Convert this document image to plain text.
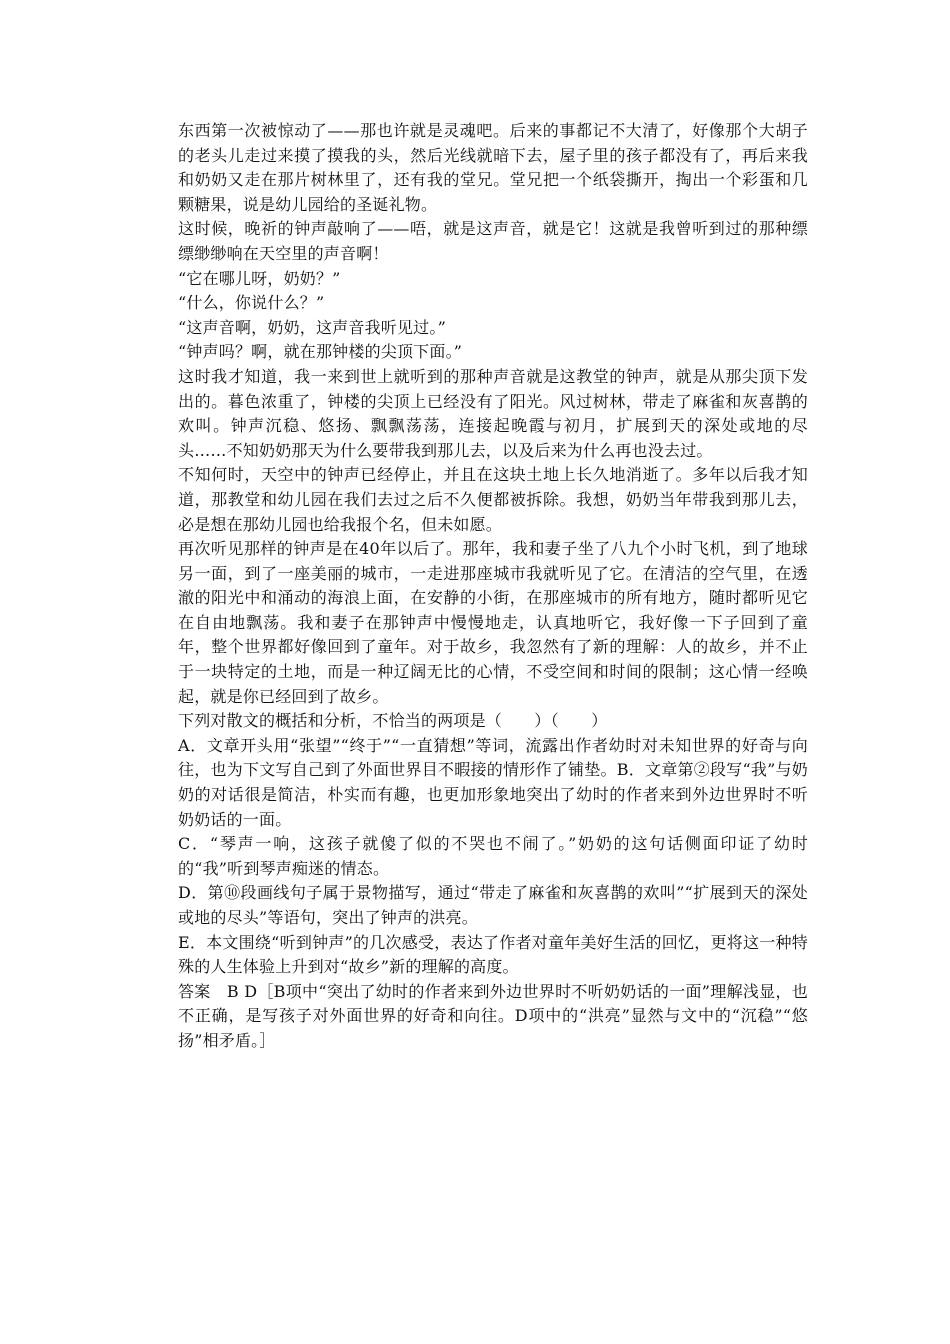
东西第一次被惊动了——那也许就是灵魂吧。后来的事都记不大清了，好像那个大胡子的老头儿走过来摸了摸我的头，然后光线就暗下去，屋子里的孩子都没有了，再后来我和奶奶又走在那片树林里了，还有我的堂兄。堂兄把一个纸袋撕开，掏出一个彩蛋和几颗糖果，说是幼儿园给的圣诞礼物。

这时候，晚祈的钟声敲响了——唔，就是这声音，就是它！这就是我曾听到过的那种缥缥缈缈响在天空里的声音啊！

“它在哪儿呀，奶奶？”

“什么，你说什么？”

“这声音啊，奶奶，这声音我听见过。”

“钟声吗？啊，就在那钟楼的尖顶下面。”

这时我才知道，我一来到世上就听到的那种声音就是这教堂的钟声，就是从那尖顶下发出的。暮色浓重了，钟楼的尖顶上已经没有了阳光。风过树林，带走了麻雀和灰喜鹊的欢叫。钟声沉稳、悠扬、飘飘荡荡，连接起晚霞与初月，扩展到天的深处或地的尽头……不知奶奶那天为什么要带我到那儿去，以及后来为什么再也没去过。

不知何时，天空中的钟声已经停止，并且在这块土地上长久地消逝了。多年以后我才知道，那教堂和幼儿园在我们去过之后不久便都被拆除。我想，奶奶当年带我到那儿去，必是想在那幼儿园也给我报个名，但未如愿。

再次听见那样的钟声是在40年以后了。那年，我和妻子坐了八九个小时飞机，到了地球另一面，到了一座美丽的城市，一走进那座城市我就听见了它。在清洁的空气里，在透澈的阳光中和涌动的海浪上面，在安静的小街，在那座城市的所有地方，随时都听见它在自由地飘荡。我和妻子在那钟声中慢慢地走，认真地听它，我好像一下子回到了童年，整个世界都好像回到了童年。对于故乡，我忽然有了新的理解：人的故乡，并不止于一块特定的土地，而是一种辽阔无比的心情，不受空间和时间的限制；这心情一经唤起，就是你已经回到了故乡。

下列对散文的概括和分析，不恰当的两项是（　　）（　　）

A．文章开头用“张望”“终于”“一直猜想”等词，流露出作者幼时对未知世界的好奇与向往，也为下文写自己到了外面世界目不暇接的情形作了铺垫。B．文章第②段写“我”与奶奶的对话很是简洁，朴实而有趣，也更加形象地突出了幼时的作者来到外边世界时不听奶奶话的一面。

C．“琴声一响，这孩子就傻了似的不哭也不闹了。”奶奶的这句话侧面印证了幼时的“我”听到琴声痴迷的情态。

D．第⑩段画线句子属于景物描写，通过“带走了麻雀和灰喜鹊的欢叫”“扩展到天的深处或地的尽头”等语句，突出了钟声的洪亮。

E．本文围绕“听到钟声”的几次感受，表达了作者对童年美好生活的回忆，更将这一种特殊的人生体验上升到对“故乡”新的理解的高度。

答案　B D［B项中“突出了幼时的作者来到外边世界时不听奶奶话的一面”理解浅显，也不正确，是写孩子对外面世界的好奇和向往。D项中的“洪亮”显然与文中的“沉稳”“悠扬”相矛盾。］
